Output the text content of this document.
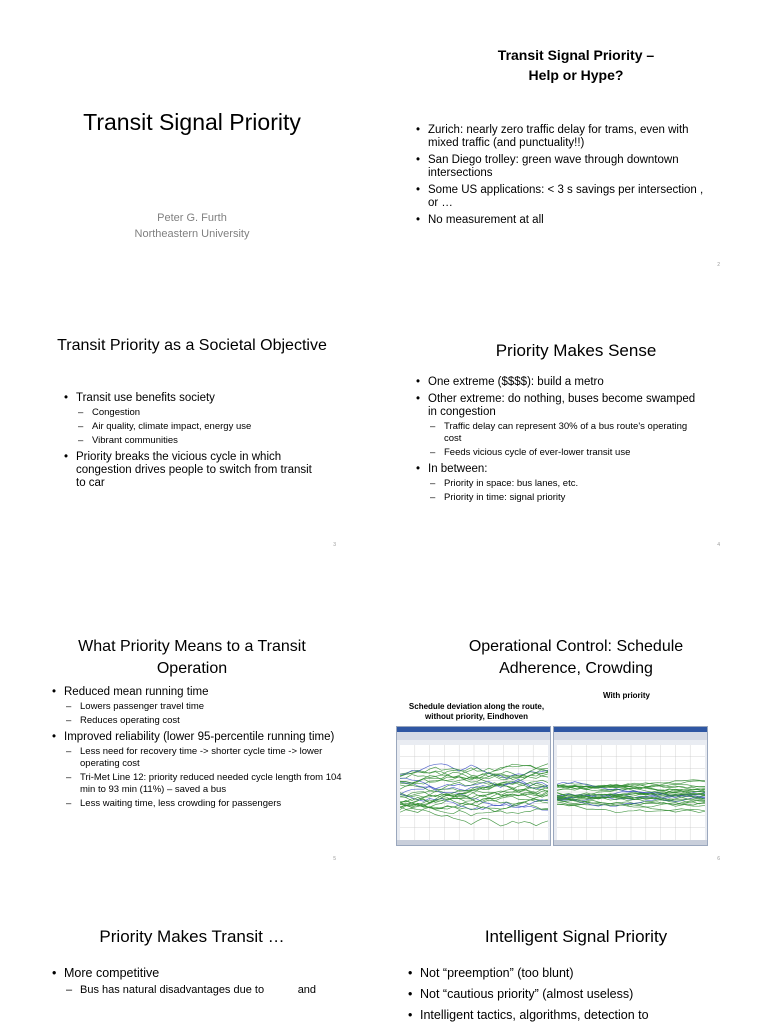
Transit Signal Priority
Peter G. Furth
Northeastern University
Transit Signal Priority –
Help or Hype?
• Zurich: nearly zero traffic delay for trams, even with mixed traffic (and punctuality!!)
• San Diego trolley: green wave through downtown intersections
• Some US applications: < 3 s savings per intersection , or …
• No measurement at all
2
Transit Priority as a Societal Objective
• Transit use benefits society
– Congestion
– Air quality, climate impact, energy use
– Vibrant communities
• Priority breaks the vicious cycle in which congestion drives people to switch from transit to car
3
Priority Makes Sense
• One extreme ($$$$): build a metro
• Other extreme: do nothing, buses become swamped in congestion
– Traffic delay can represent 30% of a bus route's operating cost
– Feeds vicious cycle of ever-lower transit use
• In between:
– Priority in space: bus lanes, etc.
– Priority in time: signal priority
4
What Priority Means to a Transit
Operation
• Reduced mean running time
– Lowers passenger travel time
– Reduces operating cost
• Improved reliability (lower 95-percentile running time)
– Less need for recovery time -> shorter cycle time -> lower operating cost
– Tri-Met Line 12: priority reduced needed cycle length from 104 min to 93 min (11%) – saved a bus
– Less waiting time, less crowding for passengers
5
Operational Control: Schedule
Adherence, Crowding
Schedule deviation along the route,
without priority, Eindhoven
With priority
6
Priority Makes Transit …
• More competitive
– Bus has natural disadvantages due to           and
Intelligent Signal Priority
• Not “preemption” (too blunt)
• Not “cautious priority” (almost useless)
• Intelligent tactics, algorithms, detection to
